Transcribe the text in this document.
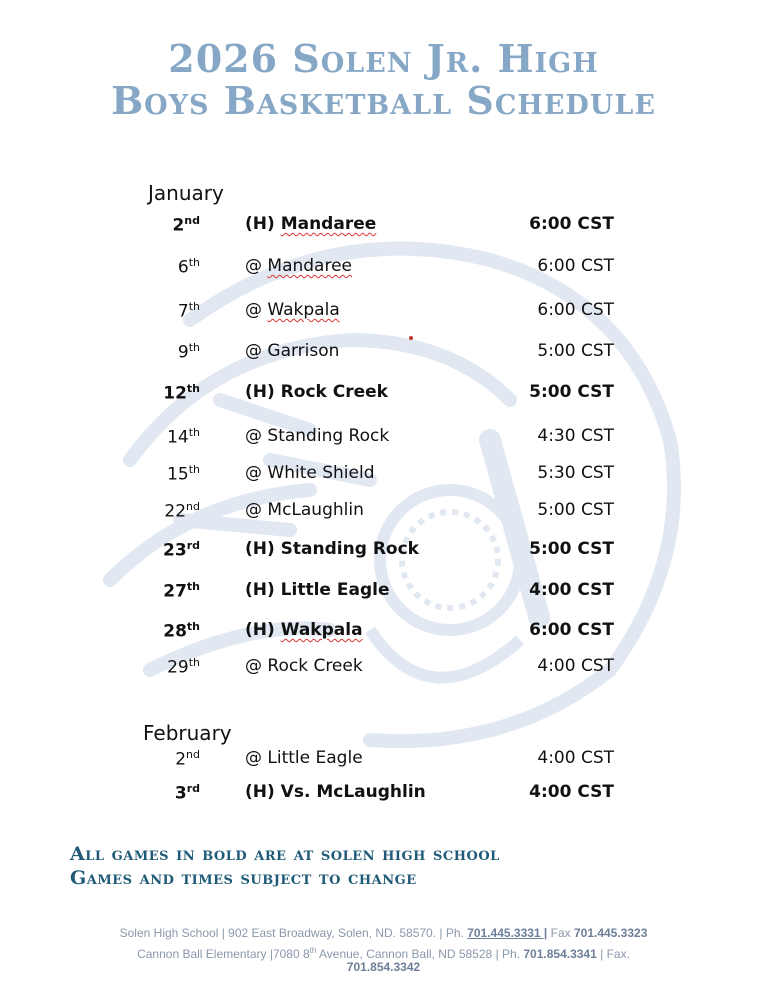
2026 Solen Jr. High
Boys Basketball Schedule
January
2nd	(H) Mandaree	6:00 CST
6th	@ Mandaree	6:00 CST
7th	@ Wakpala	6:00 CST
9th	@ Garrison	5:00 CST
12th	(H) Rock Creek	5:00 CST
14th	@ Standing Rock	4:30 CST
15th	@ White Shield	5:30 CST
22nd	@ McLaughlin	5:00 CST
23rd	(H) Standing Rock	5:00 CST
27th	(H) Little Eagle	4:00 CST
28th	(H) Wakpala	6:00 CST
29th	@ Rock Creek	4:00 CST
February
2nd	@ Little Eagle	4:00 CST
3rd	(H) Vs. McLaughlin	4:00 CST
All games in bold are at solen high school
Games and times subject to change
Solen High School | 902 East Broadway, Solen, ND. 58570. | Ph. 701.445.3331 | Fax 701.445.3323
Cannon Ball Elementary |7080 8th Avenue, Cannon Ball, ND 58528 | Ph. 701.854.3341 | Fax.
701.854.3342
